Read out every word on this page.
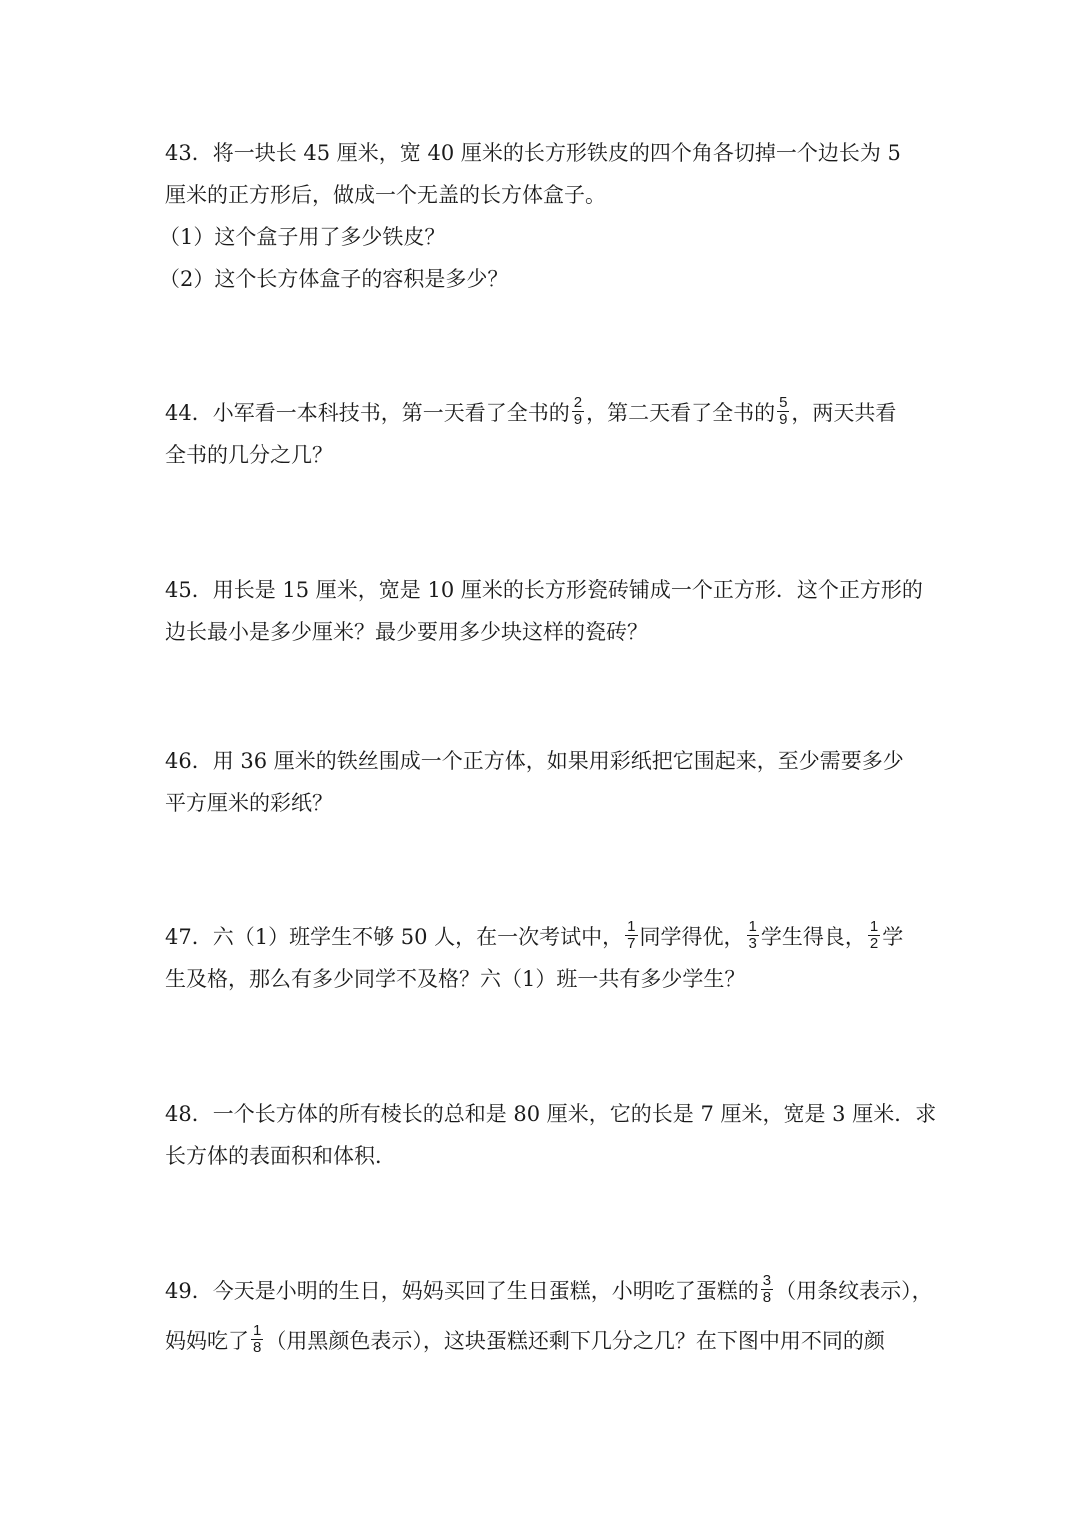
43．将一块长 45 厘米，宽 40 厘米的长方形铁皮的四个角各切掉一个边长为 5
厘米的正方形后，做成一个无盖的长方体盒子。
（1）这个盒子用了多少铁皮？
（2）这个长方体盒子的容积是多少？
44．小军看一本科技书，第一天看了全书的 $\frac{2}{9}$ ，第二天看了全书的 $\frac{5}{9}$ ，两天共看
全书的几分之几？
45．用长是 15 厘米，宽是 10 厘米的长方形瓷砖铺成一个正方形．这个正方形的
边长最小是多少厘米？最少要用多少块这样的瓷砖？
46．用 36 厘米的铁丝围成一个正方体，如果用彩纸把它围起来，至少需要多少
平方厘米的彩纸？
47．六（1）班学生不够 50 人，在一次考试中， $\frac{1}{7}$ 同学得优， $\frac{1}{3}$ 学生得良， $\frac{1}{2}$ 学
生及格，那么有多少同学不及格？六（1）班一共有多少学生？
48．一个长方体的所有棱长的总和是 80 厘米，它的长是 7 厘米，宽是 3 厘米．求
长方体的表面积和体积．
49．今天是小明的生日，妈妈买回了生日蛋糕，小明吃了蛋糕的 $\frac{3}{8}$ （用条纹表示），
妈妈吃了 $\frac{1}{8}$ （用黑颜色表示），这块蛋糕还剩下几分之几？在下图中用不同的颜
